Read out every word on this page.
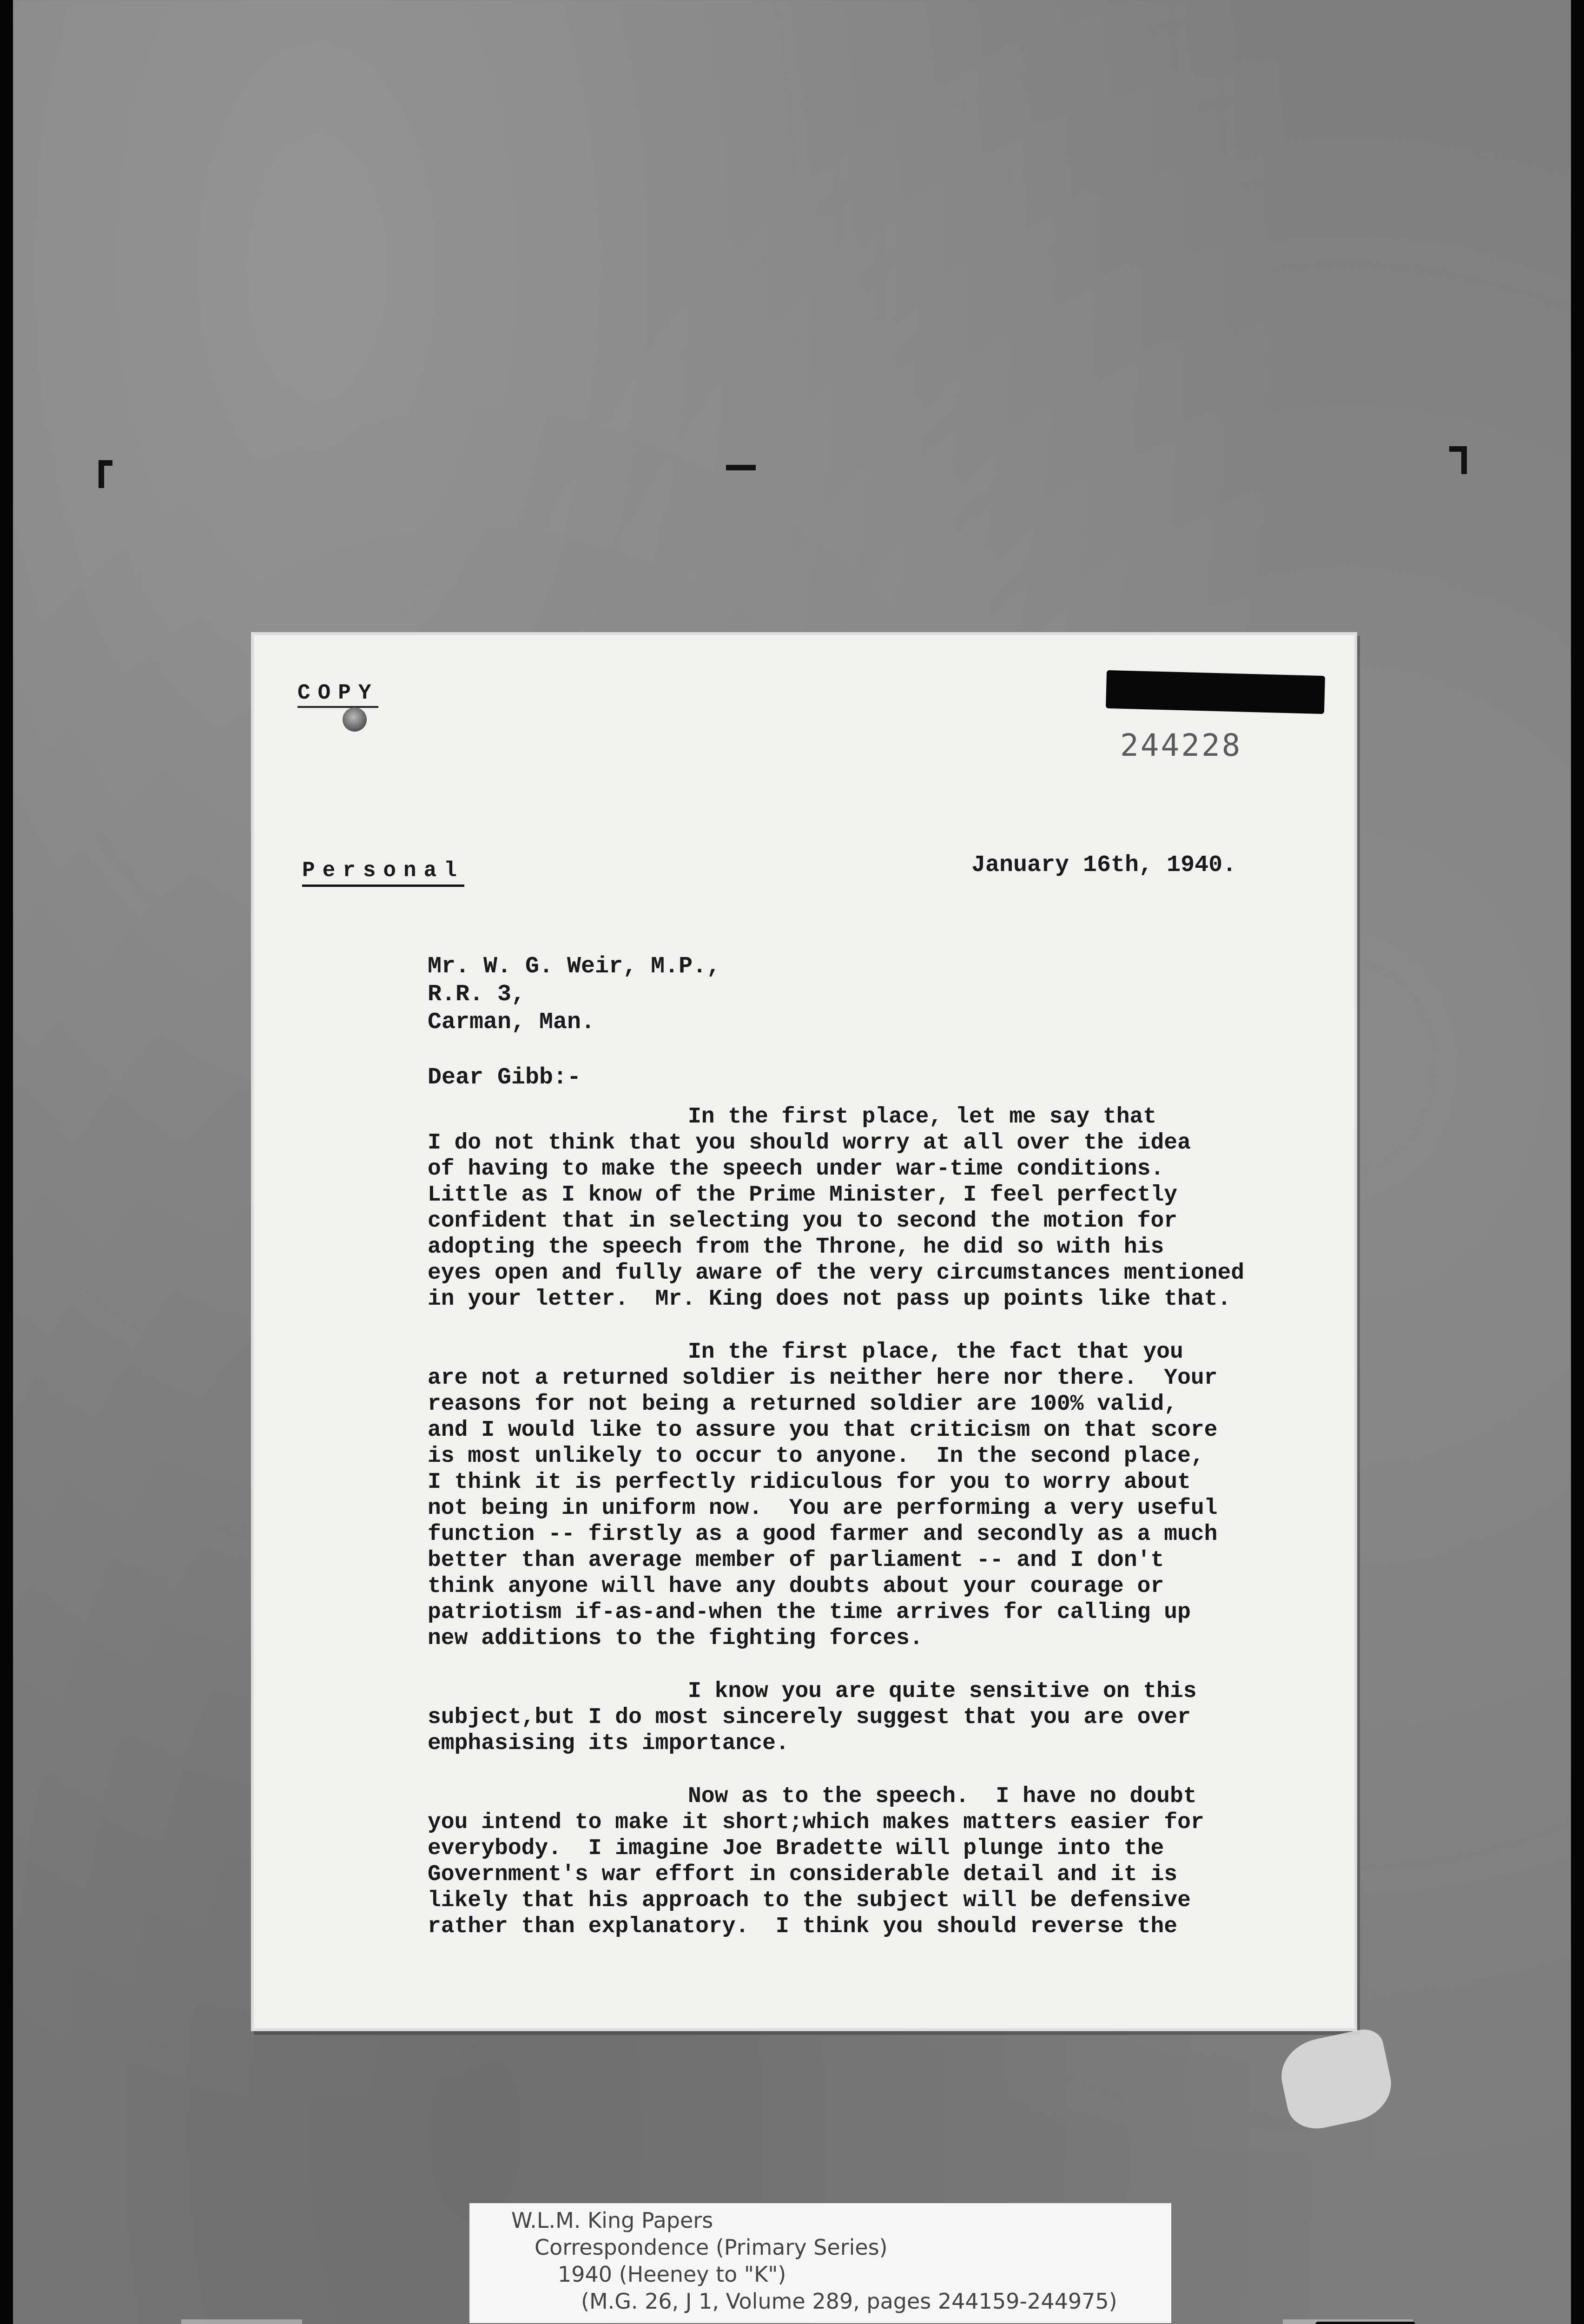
COPY
244228
Personal	January 16th, 1940.
Mr. W. G. Weir, M.P.,
R.R. 3,
Carman, Man.
Dear Gibb:-

In the first place, let me say that
I do not think that you should worry at all over the idea
of having to make the speech under war-time conditions.
Little as I know of the Prime Minister, I feel perfectly
confident that in selecting you to second the motion for
adopting the speech from the Throne, he did so with his
eyes open and fully aware of the very circumstances mentioned
in your letter.  Mr. King does not pass up points like that.

In the first place, the fact that you
are not a returned soldier is neither here nor there.  Your
reasons for not being a returned soldier are 100% valid,
and I would like to assure you that criticism on that score
is most unlikely to occur to anyone.  In the second place,
I think it is perfectly ridiculous for you to worry about
not being in uniform now.  You are performing a very useful
function -- firstly as a good farmer and secondly as a much
better than average member of parliament -- and I don't
think anyone will have any doubts about your courage or
patriotism if-as-and-when the time arrives for calling up
new additions to the fighting forces.

I know you are quite sensitive on this
subject,but I do most sincerely suggest that you are over
emphasising its importance.

Now as to the speech.  I have no doubt
you intend to make it short;which makes matters easier for
everybody.  I imagine Joe Bradette will plunge into the
Government's war effort in considerable detail and it is
likely that his approach to the subject will be defensive
rather than explanatory.  I think you should reverse the

W.L.M. King Papers
Correspondence (Primary Series)
1940 (Heeney to "K")
(M.G. 26, J 1, Volume 289, pages 244159-244975)
